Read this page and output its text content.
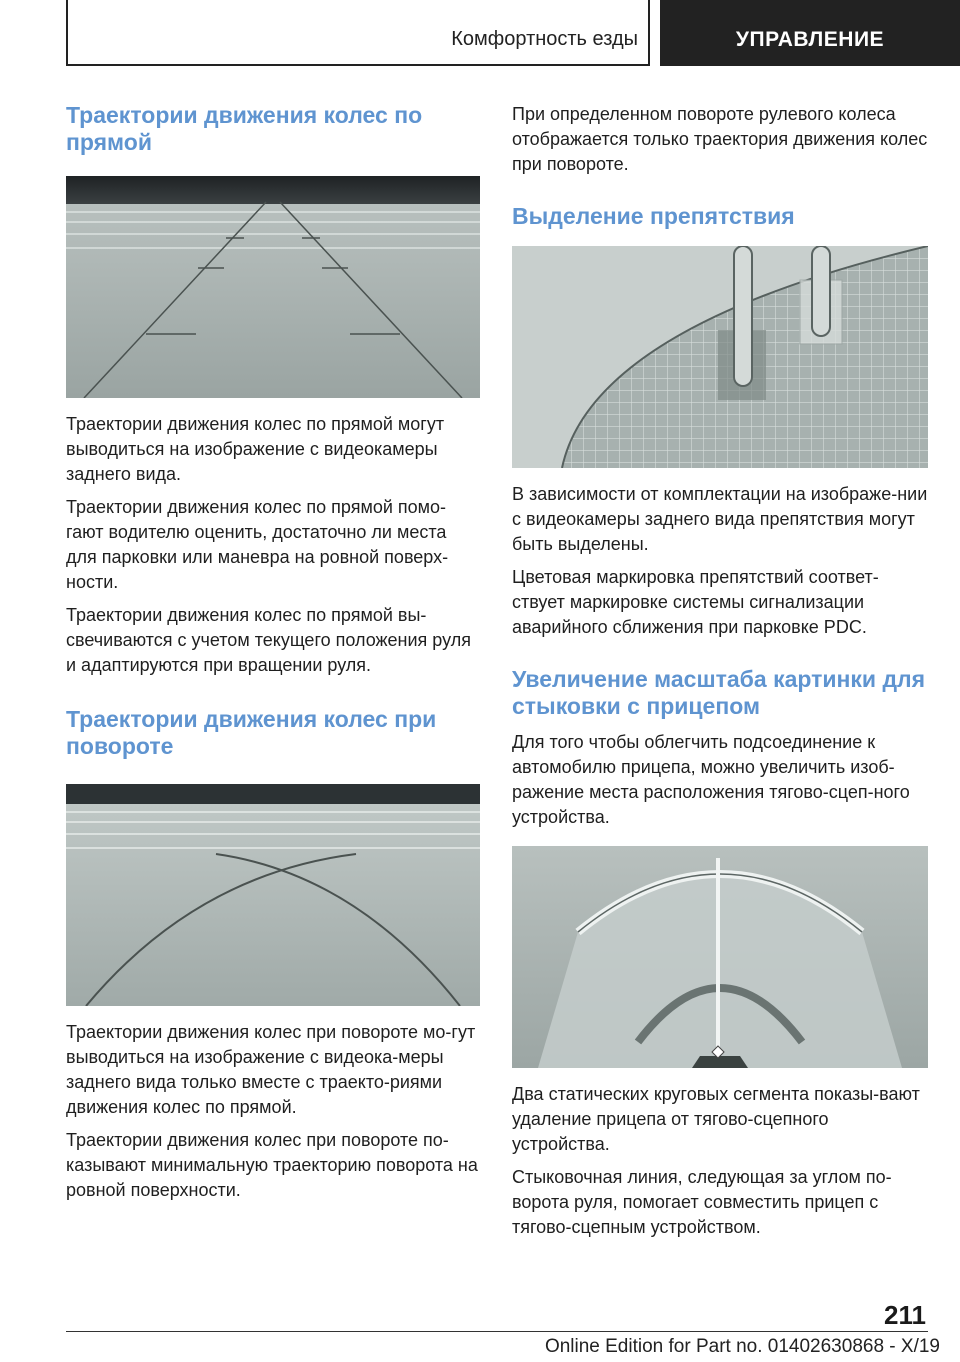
Комфортность езды	УПРАВЛЕНИЕ
Траектории движения колес по прямой

Траектории движения колес по прямой могут выводиться на изображение с видеокамеры заднего вида.

Траектории движения колес по прямой помо-гают водителю оценить, достаточно ли места для парковки или маневра на ровной поверх-ности.

Траектории движения колес по прямой вы-свечиваются с учетом текущего положения руля и адаптируются при вращении руля.

Траектории движения колес при повороте

Траектории движения колес при повороте мо-гут выводиться на изображение с видеока-меры заднего вида только вместе с траекто-риями движения колес по прямой.

Траектории движения колес при повороте по-казывают минимальную траекторию поворота на ровной поверхности.

При определенном повороте рулевого колеса отображается только траектория движения колес при повороте.

Выделение препятствия

В зависимости от комплектации на изображе-нии с видеокамеры заднего вида препятствия могут быть выделены.

Цветовая маркировка препятствий соответ-ствует маркировке системы сигнализации аварийного сближения при парковке PDC.

Увеличение масштаба картинки для стыковки с прицепом

Для того чтобы облегчить подсоединение к автомобилю прицепа, можно увеличить изоб-ражение места расположения тягово-сцеп-ного устройства.

Два статических круговых сегмента показы-вают удаление прицепа от тягово-сцепного устройства.

Стыковочная линия, следующая за углом по-ворота руля, помогает совместить прицеп с тягово-сцепным устройством.

211
Online Edition for Part no. 01402630868 - X/19
